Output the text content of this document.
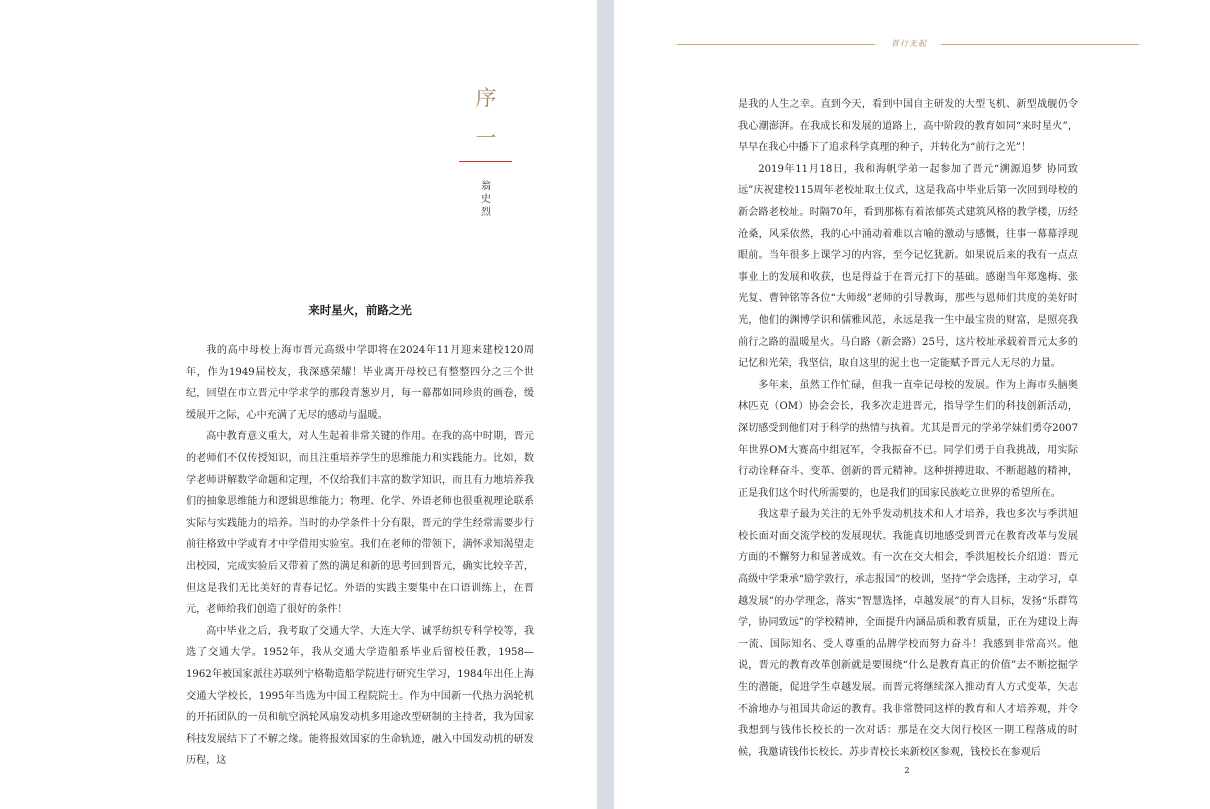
序
一
翁
史
烈
来时星火，前路之光

我的高中母校上海市晋元高级中学即将在2024年11月迎来建校120周年，作为1949届校友，我深感荣耀！毕业离开母校已有整整四分之三个世纪，回望在市立晋元中学求学的那段青葱岁月，每一幕都如同珍贵的画卷，缓缓展开之际，心中充满了无尽的感动与温暖。

高中教育意义重大，对人生起着非常关键的作用。在我的高中时期，晋元的老师们不仅传授知识，而且注重培养学生的思维能力和实践能力。比如，数学老师讲解数学命题和定理，不仅给我们丰富的数学知识，而且有力地培养我们的抽象思维能力和逻辑思维能力；物理、化学、外语老师也很重视理论联系实际与实践能力的培养。当时的办学条件十分有限，晋元的学生经常需要步行前往格致中学或育才中学借用实验室。我们在老师的带领下，满怀求知渴望走出校园，完成实验后又带着了然的满足和新的思考回到晋元，确实比较辛苦，但这是我们无比美好的青春记忆。外语的实践主要集中在口语训练上，在晋元，老师给我们创造了很好的条件！

高中毕业之后，我考取了交通大学、大连大学、诚孚纺织专科学校等，我选了交通大学。1952年，我从交通大学造船系毕业后留校任教，1958—1962年被国家派往苏联列宁格勒造船学院进行研究生学习，1984年出任上海交通大学校长，1995年当选为中国工程院院士。作为中国新一代热力涡轮机的开拓团队的一员和航空涡轮风扇发动机多用途改型研制的主持者，我为国家科技发展结下了不解之缘。能将报效国家的生命轨迹，融入中国发动机的研发历程，这

晋行无起

是我的人生之幸。直到今天，看到中国自主研发的大型飞机、新型战舰仍令我心潮澎湃。在我成长和发展的道路上，高中阶段的教育如同“来时星火”，早早在我心中播下了追求科学真理的种子，并转化为“前行之光”！

2019年11月18日，我和海帆学弟一起参加了晋元“溯源追梦 协同致远”庆祝建校115周年老校址取土仪式，这是我高中毕业后第一次回到母校的新会路老校址。时隔70年，看到那栋有着浓郁英式建筑风格的教学楼，历经沧桑，风采依然，我的心中涌动着难以言喻的激动与感慨，往事一幕幕浮现眼前。当年很多上课学习的内容，至今记忆犹新。如果说后来的我有一点点事业上的发展和收获，也是得益于在晋元打下的基础。感谢当年郑逸梅、张光复、曹钟铭等各位“大师级”老师的引导教诲，那些与恩师们共度的美好时光，他们的渊博学识和儒雅风范，永远是我一生中最宝贵的财富，是照亮我前行之路的温暖星火。马白路（新会路）25号，这片校址承载着晋元太多的记忆和光荣，我坚信，取自这里的泥土也一定能赋予晋元人无尽的力量。

多年来，虽然工作忙碌，但我一直牵记母校的发展。作为上海市头脑奥林匹克（OM）协会会长，我多次走进晋元，指导学生们的科技创新活动，深切感受到他们对于科学的热情与执着。尤其是晋元的学弟学妹们勇夺2007年世界OM大赛高中组冠军，令我振奋不已。同学们勇于自我挑战，用实际行动诠释奋斗、变革、创新的晋元精神。这种拼搏进取、不断超越的精神，正是我们这个时代所需要的，也是我们的国家民族屹立世界的希望所在。

我这辈子最为关注的无外乎发动机技术和人才培养，我也多次与季洪旭校长面对面交流学校的发展现状。我能真切地感受到晋元在教育改革与发展方面的不懈努力和显著成效。有一次在交大相会，季洪旭校长介绍道：晋元高级中学秉承“励学敦行，承志报国”的校训，坚持“学会选择，主动学习，卓越发展”的办学理念，落实“智慧选择，卓越发展”的育人目标，发扬“乐群笃学，协同致远”的学校精神，全面提升内涵品质和教育质量，正在为建设上海一流、国际知名、受人尊重的品牌学校而努力奋斗！我感到非常高兴。他说，晋元的教育改革创新就是要围绕“什么是教育真正的价值”去不断挖掘学生的潜能，促进学生卓越发展。而晋元将继续深入推动育人方式变革，矢志不渝地办与祖国共命运的教育。我非常赞同这样的教育和人才培养观，并令我想到与钱伟长校长的一次对话：那是在交大闵行校区一期工程落成的时候，我邀请钱伟长校长、苏步青校长来新校区参观，钱校长在参观后

2
